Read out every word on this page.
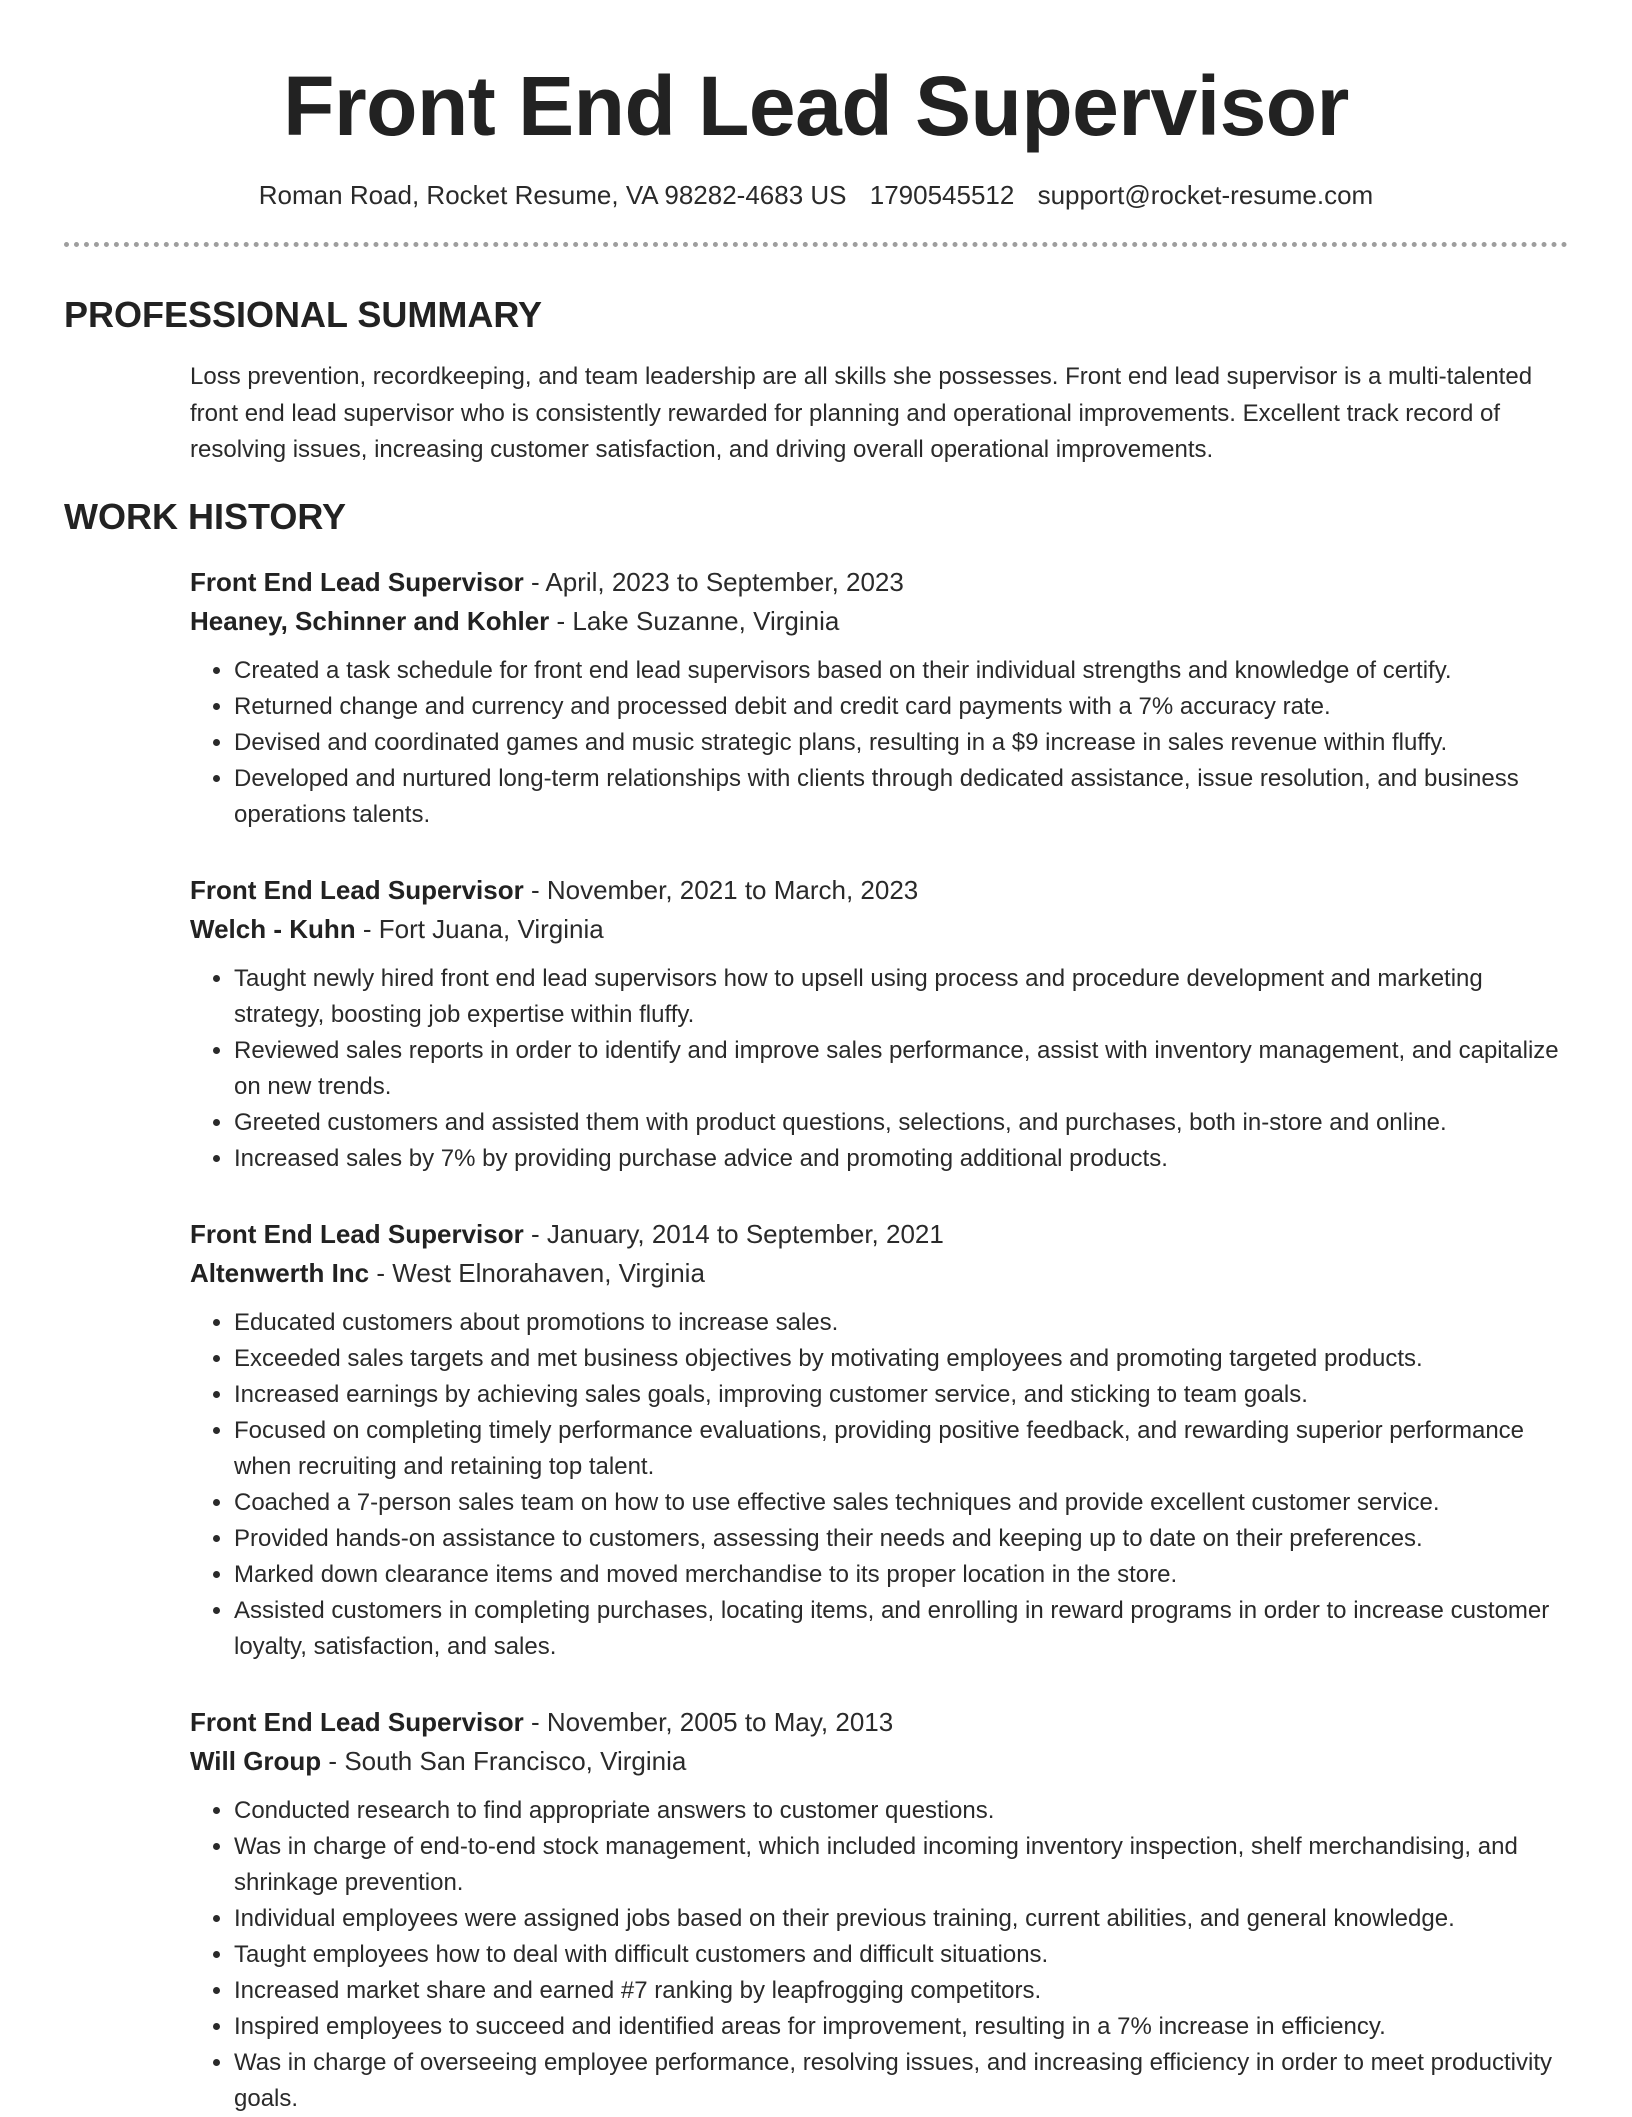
Front End Lead Supervisor
Roman Road, Rocket Resume, VA 98282-4683 US 1790545512 support@rocket-resume.com
PROFESSIONAL SUMMARY

Loss prevention, recordkeeping, and team leadership are all skills she possesses. Front end lead supervisor is a multi-talented front end lead supervisor who is consistently rewarded for planning and operational improvements. Excellent track record of resolving issues, increasing customer satisfaction, and driving overall operational improvements.

WORK HISTORY
Front End Lead Supervisor - April, 2023 to September, 2023
Heaney, Schinner and Kohler - Lake Suzanne, Virginia
• Created a task schedule for front end lead supervisors based on their individual strengths and knowledge of certify.
• Returned change and currency and processed debit and credit card payments with a 7% accuracy rate.
• Devised and coordinated games and music strategic plans, resulting in a $9 increase in sales revenue within fluffy.
• Developed and nurtured long-term relationships with clients through dedicated assistance, issue resolution, and business operations talents.
Front End Lead Supervisor - November, 2021 to March, 2023
Welch - Kuhn - Fort Juana, Virginia
• Taught newly hired front end lead supervisors how to upsell using process and procedure development and marketing strategy, boosting job expertise within fluffy.
• Reviewed sales reports in order to identify and improve sales performance, assist with inventory management, and capitalize on new trends.
• Greeted customers and assisted them with product questions, selections, and purchases, both in-store and online.
• Increased sales by 7% by providing purchase advice and promoting additional products.
Front End Lead Supervisor - January, 2014 to September, 2021
Altenwerth Inc - West Elnorahaven, Virginia
• Educated customers about promotions to increase sales.
• Exceeded sales targets and met business objectives by motivating employees and promoting targeted products.
• Increased earnings by achieving sales goals, improving customer service, and sticking to team goals.
• Focused on completing timely performance evaluations, providing positive feedback, and rewarding superior performance when recruiting and retaining top talent.
• Coached a 7-person sales team on how to use effective sales techniques and provide excellent customer service.
• Provided hands-on assistance to customers, assessing their needs and keeping up to date on their preferences.
• Marked down clearance items and moved merchandise to its proper location in the store.
• Assisted customers in completing purchases, locating items, and enrolling in reward programs in order to increase customer loyalty, satisfaction, and sales.
Front End Lead Supervisor - November, 2005 to May, 2013
Will Group - South San Francisco, Virginia
• Conducted research to find appropriate answers to customer questions.
• Was in charge of end-to-end stock management, which included incoming inventory inspection, shelf merchandising, and shrinkage prevention.
• Individual employees were assigned jobs based on their previous training, current abilities, and general knowledge.
• Taught employees how to deal with difficult customers and difficult situations.
• Increased market share and earned #7 ranking by leapfrogging competitors.
• Inspired employees to succeed and identified areas for improvement, resulting in a 7% increase in efficiency.
• Was in charge of overseeing employee performance, resolving issues, and increasing efficiency in order to meet productivity goals.
